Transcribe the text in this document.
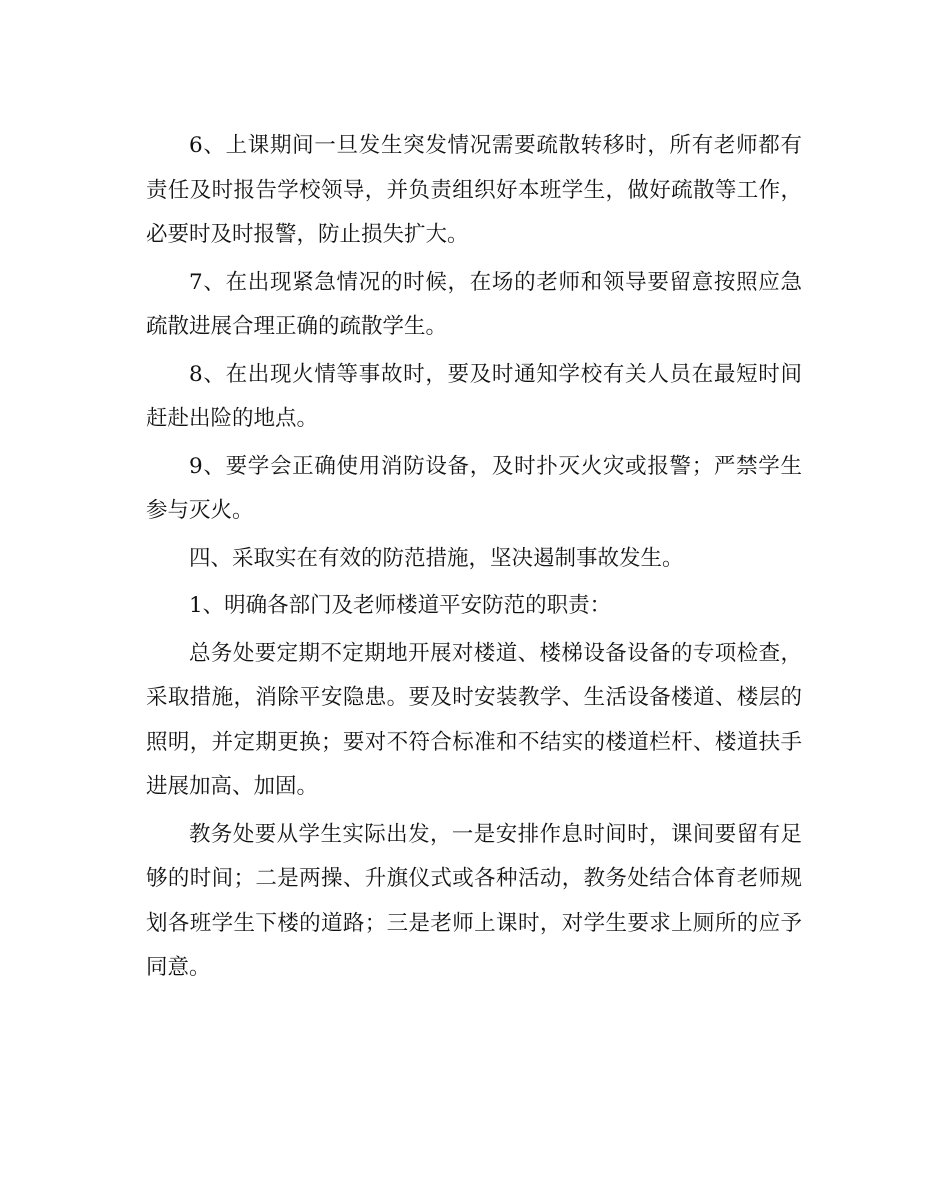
6、上课期间一旦发生突发情况需要疏散转移时，所有老师都有责任及时报告学校领导，并负责组织好本班学生，做好疏散等工作，必要时及时报警，防止损失扩大。

7、在出现紧急情况的时候，在场的老师和领导要留意按照应急疏散进展合理正确的疏散学生。

8、在出现火情等事故时，要及时通知学校有关人员在最短时间赶赴出险的地点。

9、要学会正确使用消防设备，及时扑灭火灾或报警；严禁学生参与灭火。

四、采取实在有效的防范措施，坚决遏制事故发生。

1、明确各部门及老师楼道平安防范的职责：

总务处要定期不定期地开展对楼道、楼梯设备设备的专项检查，采取措施，消除平安隐患。要及时安装教学、生活设备楼道、楼层的照明，并定期更换；要对不符合标准和不结实的楼道栏杆、楼道扶手进展加高、加固。

教务处要从学生实际出发，一是安排作息时间时，课间要留有足够的时间；二是两操、升旗仪式或各种活动，教务处结合体育老师规划各班学生下楼的道路；三是老师上课时，对学生要求上厕所的应予同意。
